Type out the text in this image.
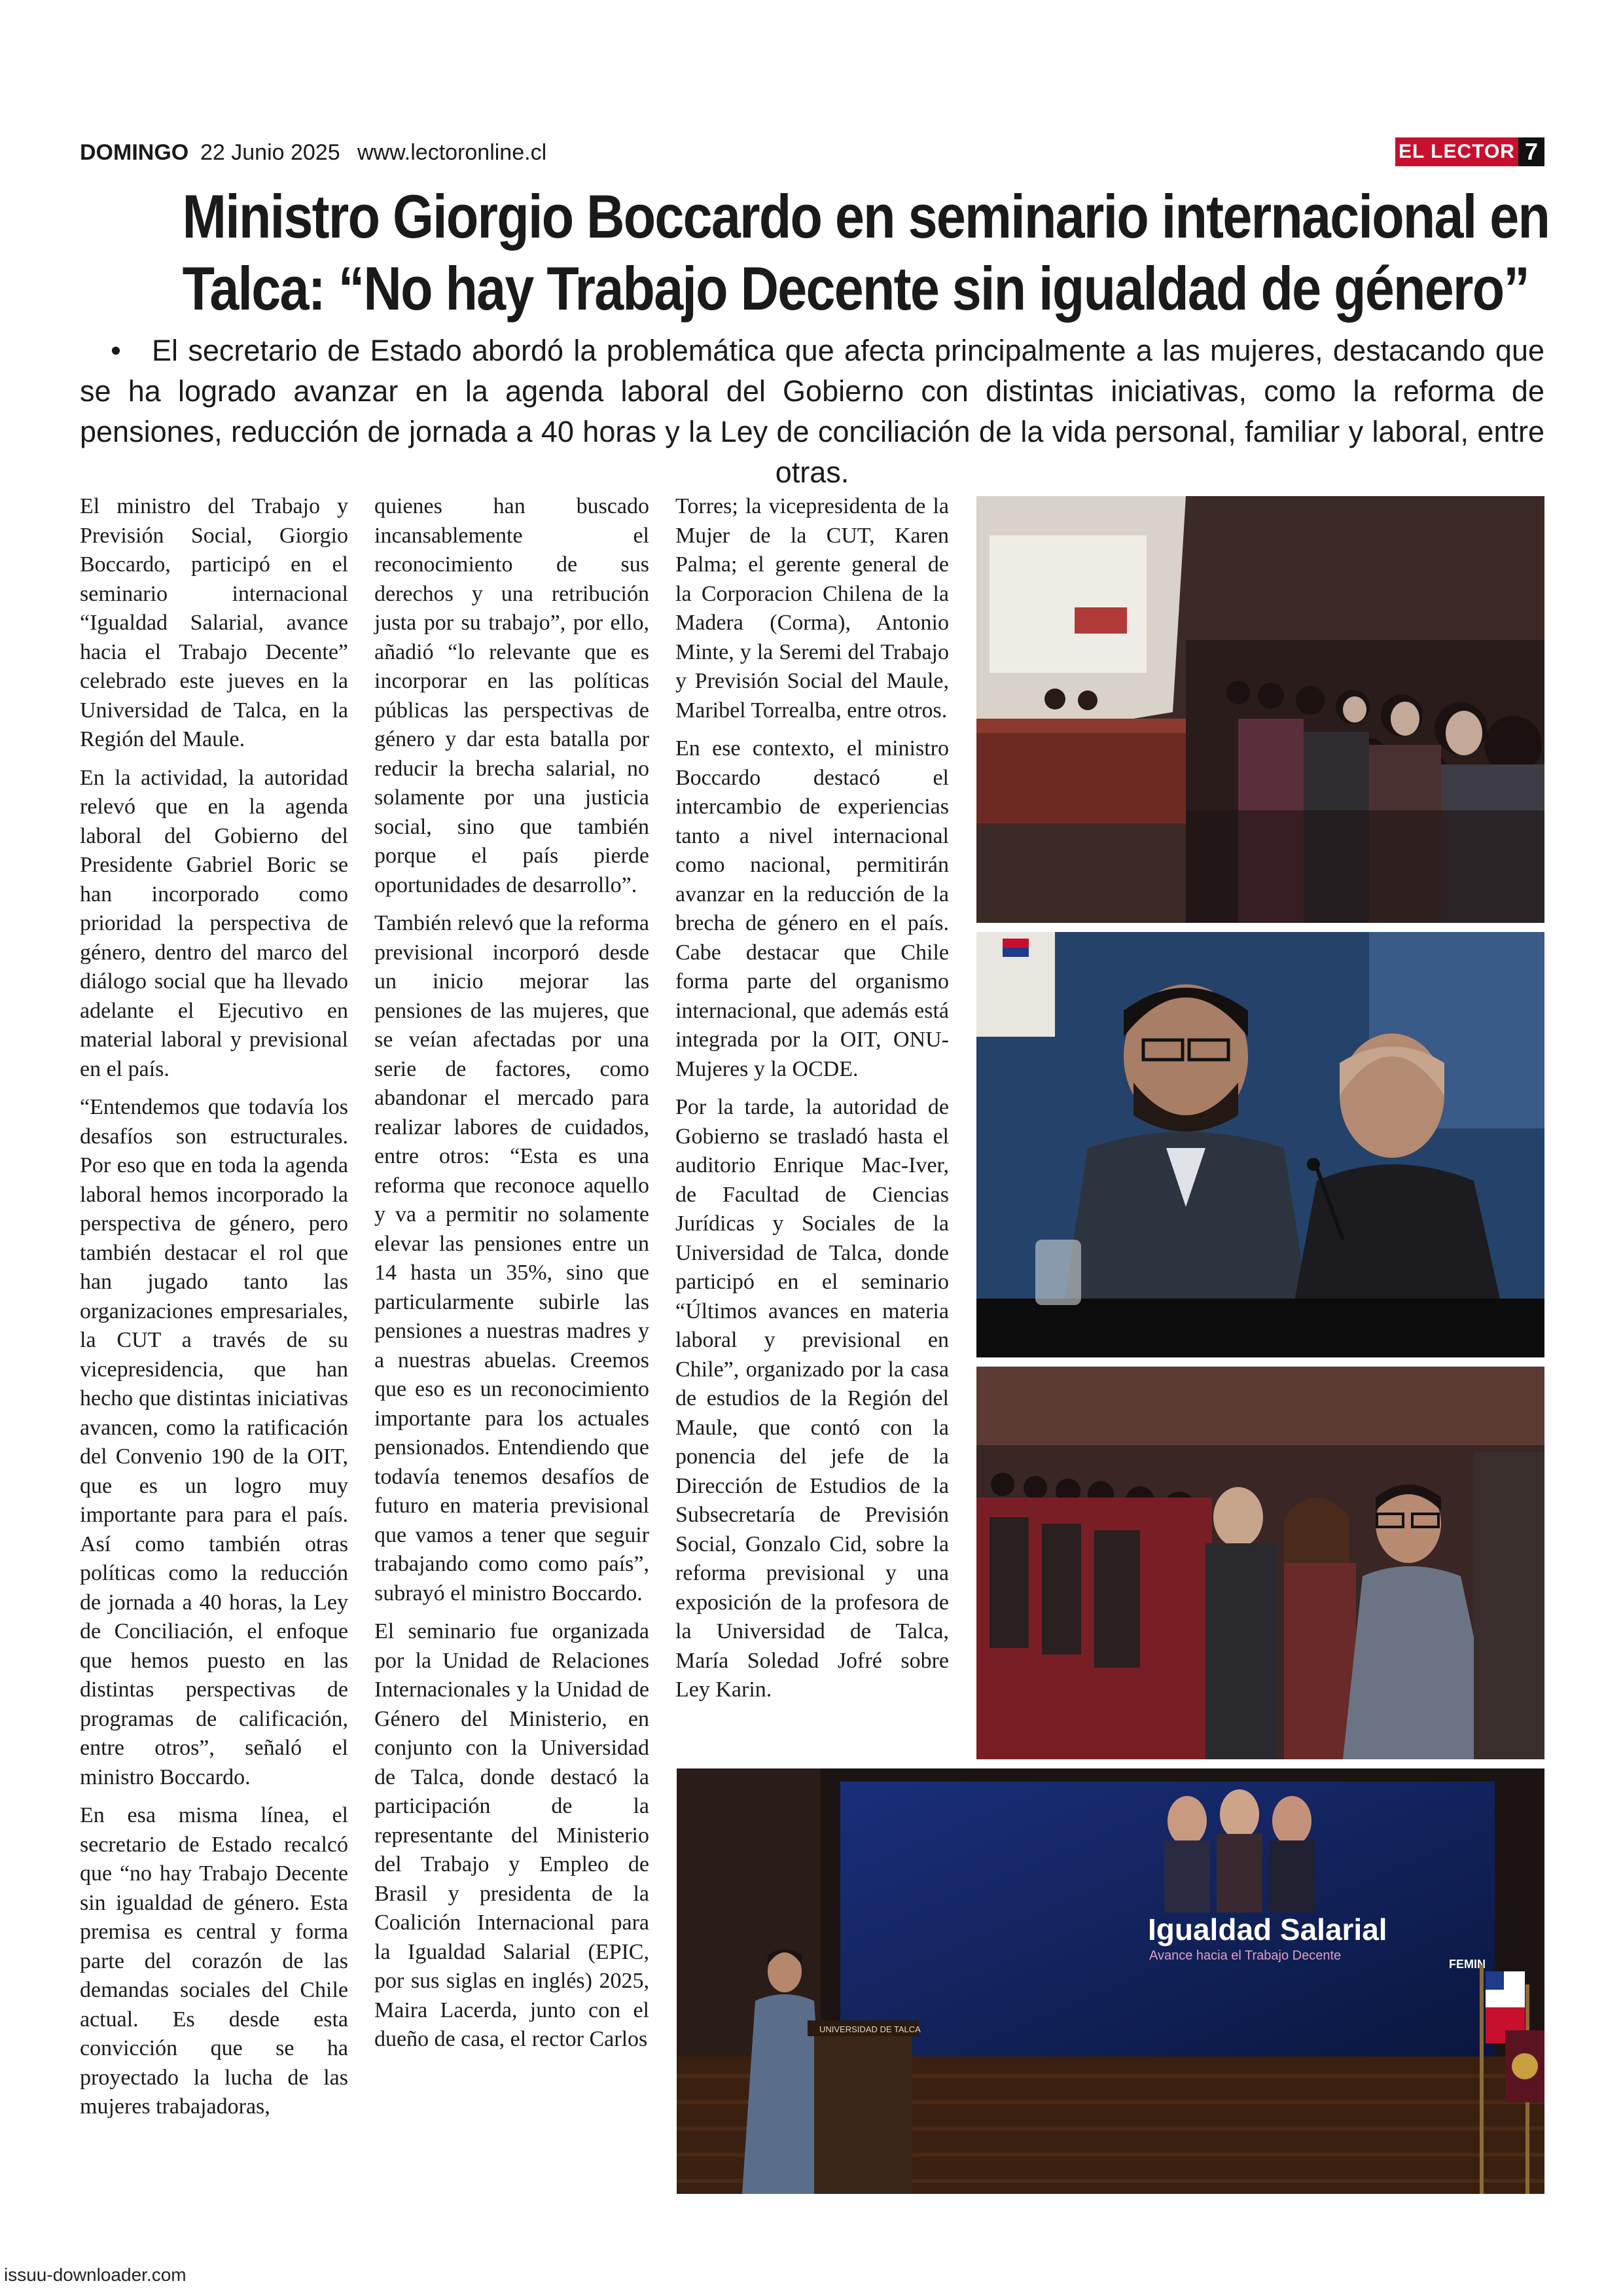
DOMINGO 22 Junio 2025 www.lectoronline.cl	EL LECTOR 7
Ministro Giorgio Boccardo en seminario internacional en
Talca: “No hay Trabajo Decente sin igualdad de género”
• El secretario de Estado abordó la problemática que afecta principalmente a las mujeres, destacando que se ha logrado avanzar en la agenda laboral del Gobierno con distintas iniciativas, como la reforma de pensiones, reducción de jornada a 40 horas y la Ley de conciliación de la vida personal, familiar y laboral, entre otras.

El ministro del Trabajo y Previsión Social, Giorgio Boccardo, participó en el seminario internacional “Igualdad Salarial, avance hacia el Trabajo Decente” celebrado este jueves en la Universidad de Talca, en la Región del Maule.

En la actividad, la autoridad relevó que en la agenda laboral del Gobierno del Presidente Gabriel Boric se han incorporado como prioridad la perspectiva de género, dentro del marco del diálogo social que ha llevado adelante el Ejecutivo en material laboral y previsional en el país.

“Entendemos que todavía los desafíos son estructurales. Por eso que en toda la agenda laboral hemos incorporado la perspectiva de género, pero también destacar el rol que han jugado tanto las organizaciones empresariales, la CUT a través de su vicepresidencia, que han hecho que distintas iniciativas avancen, como la ratificación del Convenio 190 de la OIT, que es un logro muy importante para para el país. Así como también otras políticas como la reducción de jornada a 40 horas, la Ley de Conciliación, el enfoque que hemos puesto en las distintas perspectivas de programas de calificación, entre otros”, señaló el ministro Boccardo.

En esa misma línea, el secretario de Estado recalcó que “no hay Trabajo Decente sin igualdad de género. Esta premisa es central y forma parte del corazón de las demandas sociales del Chile actual. Es desde esta convicción que se ha proyectado la lucha de las mujeres trabajadoras,

quienes han buscado incansablemente el reconocimiento de sus derechos y una retribución justa por su trabajo”, por ello, añadió “lo relevante que es incorporar en las políticas públicas las perspectivas de género y dar esta batalla por reducir la brecha salarial, no solamente por una justicia social, sino que también porque el país pierde oportunidades de desarrollo”.

También relevó que la reforma previsional incorporó desde un inicio mejorar las pensiones de las mujeres, que se veían afectadas por una serie de factores, como abandonar el mercado para realizar labores de cuidados, entre otros: “Esta es una reforma que reconoce aquello y va a permitir no solamente elevar las pensiones entre un 14 hasta un 35%, sino que particularmente subirle las pensiones a nuestras madres y a nuestras abuelas. Creemos que eso es un reconocimiento importante para los actuales pensionados. Entendiendo que todavía tenemos desafíos de futuro en materia previsional que vamos a tener que seguir trabajando como como país”, subrayó el ministro Boccardo.

El seminario fue organizada por la Unidad de Relaciones Internacionales y la Unidad de Género del Ministerio, en conjunto con la Universidad de Talca, donde destacó la participación de la representante del Ministerio del Trabajo y Empleo de Brasil y presidenta de la Coalición Internacional para la Igualdad Salarial (EPIC, por sus siglas en inglés) 2025, Maira Lacerda, junto con el dueño de casa, el rector Carlos

Torres; la vicepresidenta de la Mujer de la CUT, Karen Palma; el gerente general de la Corporacion Chilena de la Madera (Corma), Antonio Minte, y la Seremi del Trabajo y Previsión Social del Maule, Maribel Torrealba, entre otros.

En ese contexto, el ministro Boccardo destacó el intercambio de experiencias tanto a nivel internacional como nacional, permitirán avanzar en la reducción de la brecha de género en el país. Cabe destacar que Chile forma parte del organismo internacional, que además está integrada por la OIT, ONU-Mujeres y la OCDE.

Por la tarde, la autoridad de Gobierno se trasladó hasta el auditorio Enrique Mac-Iver, de Facultad de Ciencias Jurídicas y Sociales de la Universidad de Talca, donde participó en el seminario “Últimos avances en materia laboral y previsional en Chile”, organizado por la casa de estudios de la Región del Maule, que contó con la ponencia del jefe de la Dirección de Estudios de la Subsecretaría de Previsión Social, Gonzalo Cid, sobre la reforma previsional y una exposición de la profesora de la Universidad de Talca, María Soledad Jofré sobre Ley Karin.

Igualdad Salarial
Avance hacia el Trabajo Decente
FEMIN
UNIVERSIDAD DE TALCA
issuu-downloader.com
